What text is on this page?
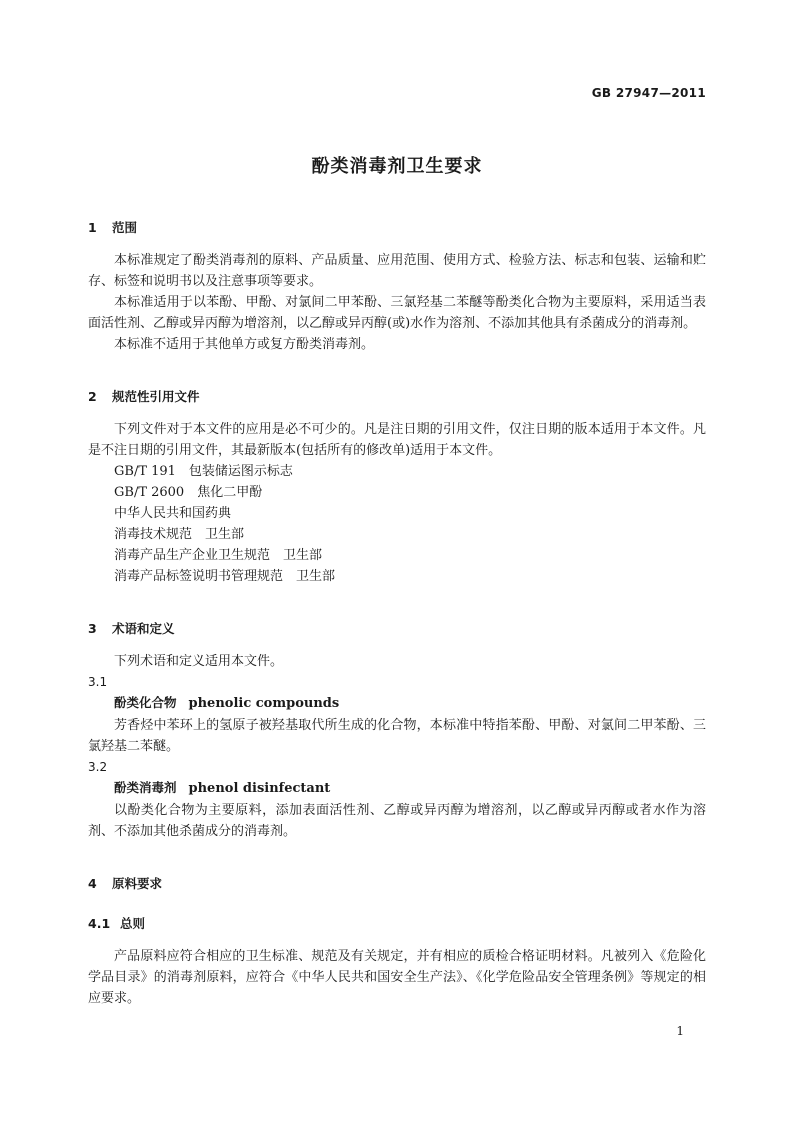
GB 27947—2011
酚类消毒剂卫生要求
1 范围

本标准规定了酚类消毒剂的原料、产品质量、应用范围、使用方式、检验方法、标志和包装、运输和贮存、标签和说明书以及注意事项等要求。

本标准适用于以苯酚、甲酚、对氯间二甲苯酚、三氯羟基二苯醚等酚类化合物为主要原料，采用适当表面活性剂、乙醇或异丙醇为增溶剂，以乙醇或异丙醇(或)水作为溶剂、不添加其他具有杀菌成分的消毒剂。

本标准不适用于其他单方或复方酚类消毒剂。

2 规范性引用文件

下列文件对于本文件的应用是必不可少的。凡是注日期的引用文件，仅注日期的版本适用于本文件。凡是不注日期的引用文件，其最新版本(包括所有的修改单)适用于本文件。

GB/T 191　包装储运图示标志
GB/T 2600　焦化二甲酚
中华人民共和国药典
消毒技术规范　卫生部
消毒产品生产企业卫生规范　卫生部
消毒产品标签说明书管理规范　卫生部
3 术语和定义

下列术语和定义适用本文件。

3.1
酚类化合物 phenolic compounds

芳香烃中苯环上的氢原子被羟基取代所生成的化合物，本标准中特指苯酚、甲酚、对氯间二甲苯酚、三氯羟基二苯醚。

3.2
酚类消毒剂 phenol disinfectant

以酚类化合物为主要原料，添加表面活性剂、乙醇或异丙醇为增溶剂，以乙醇或异丙醇或者水作为溶剂、不添加其他杀菌成分的消毒剂。

4 原料要求
4.1 总则

产品原料应符合相应的卫生标准、规范及有关规定，并有相应的质检合格证明材料。凡被列入《危险化学品目录》的消毒剂原料，应符合《中华人民共和国安全生产法》、《化学危险品安全管理条例》等规定的相应要求。

1
